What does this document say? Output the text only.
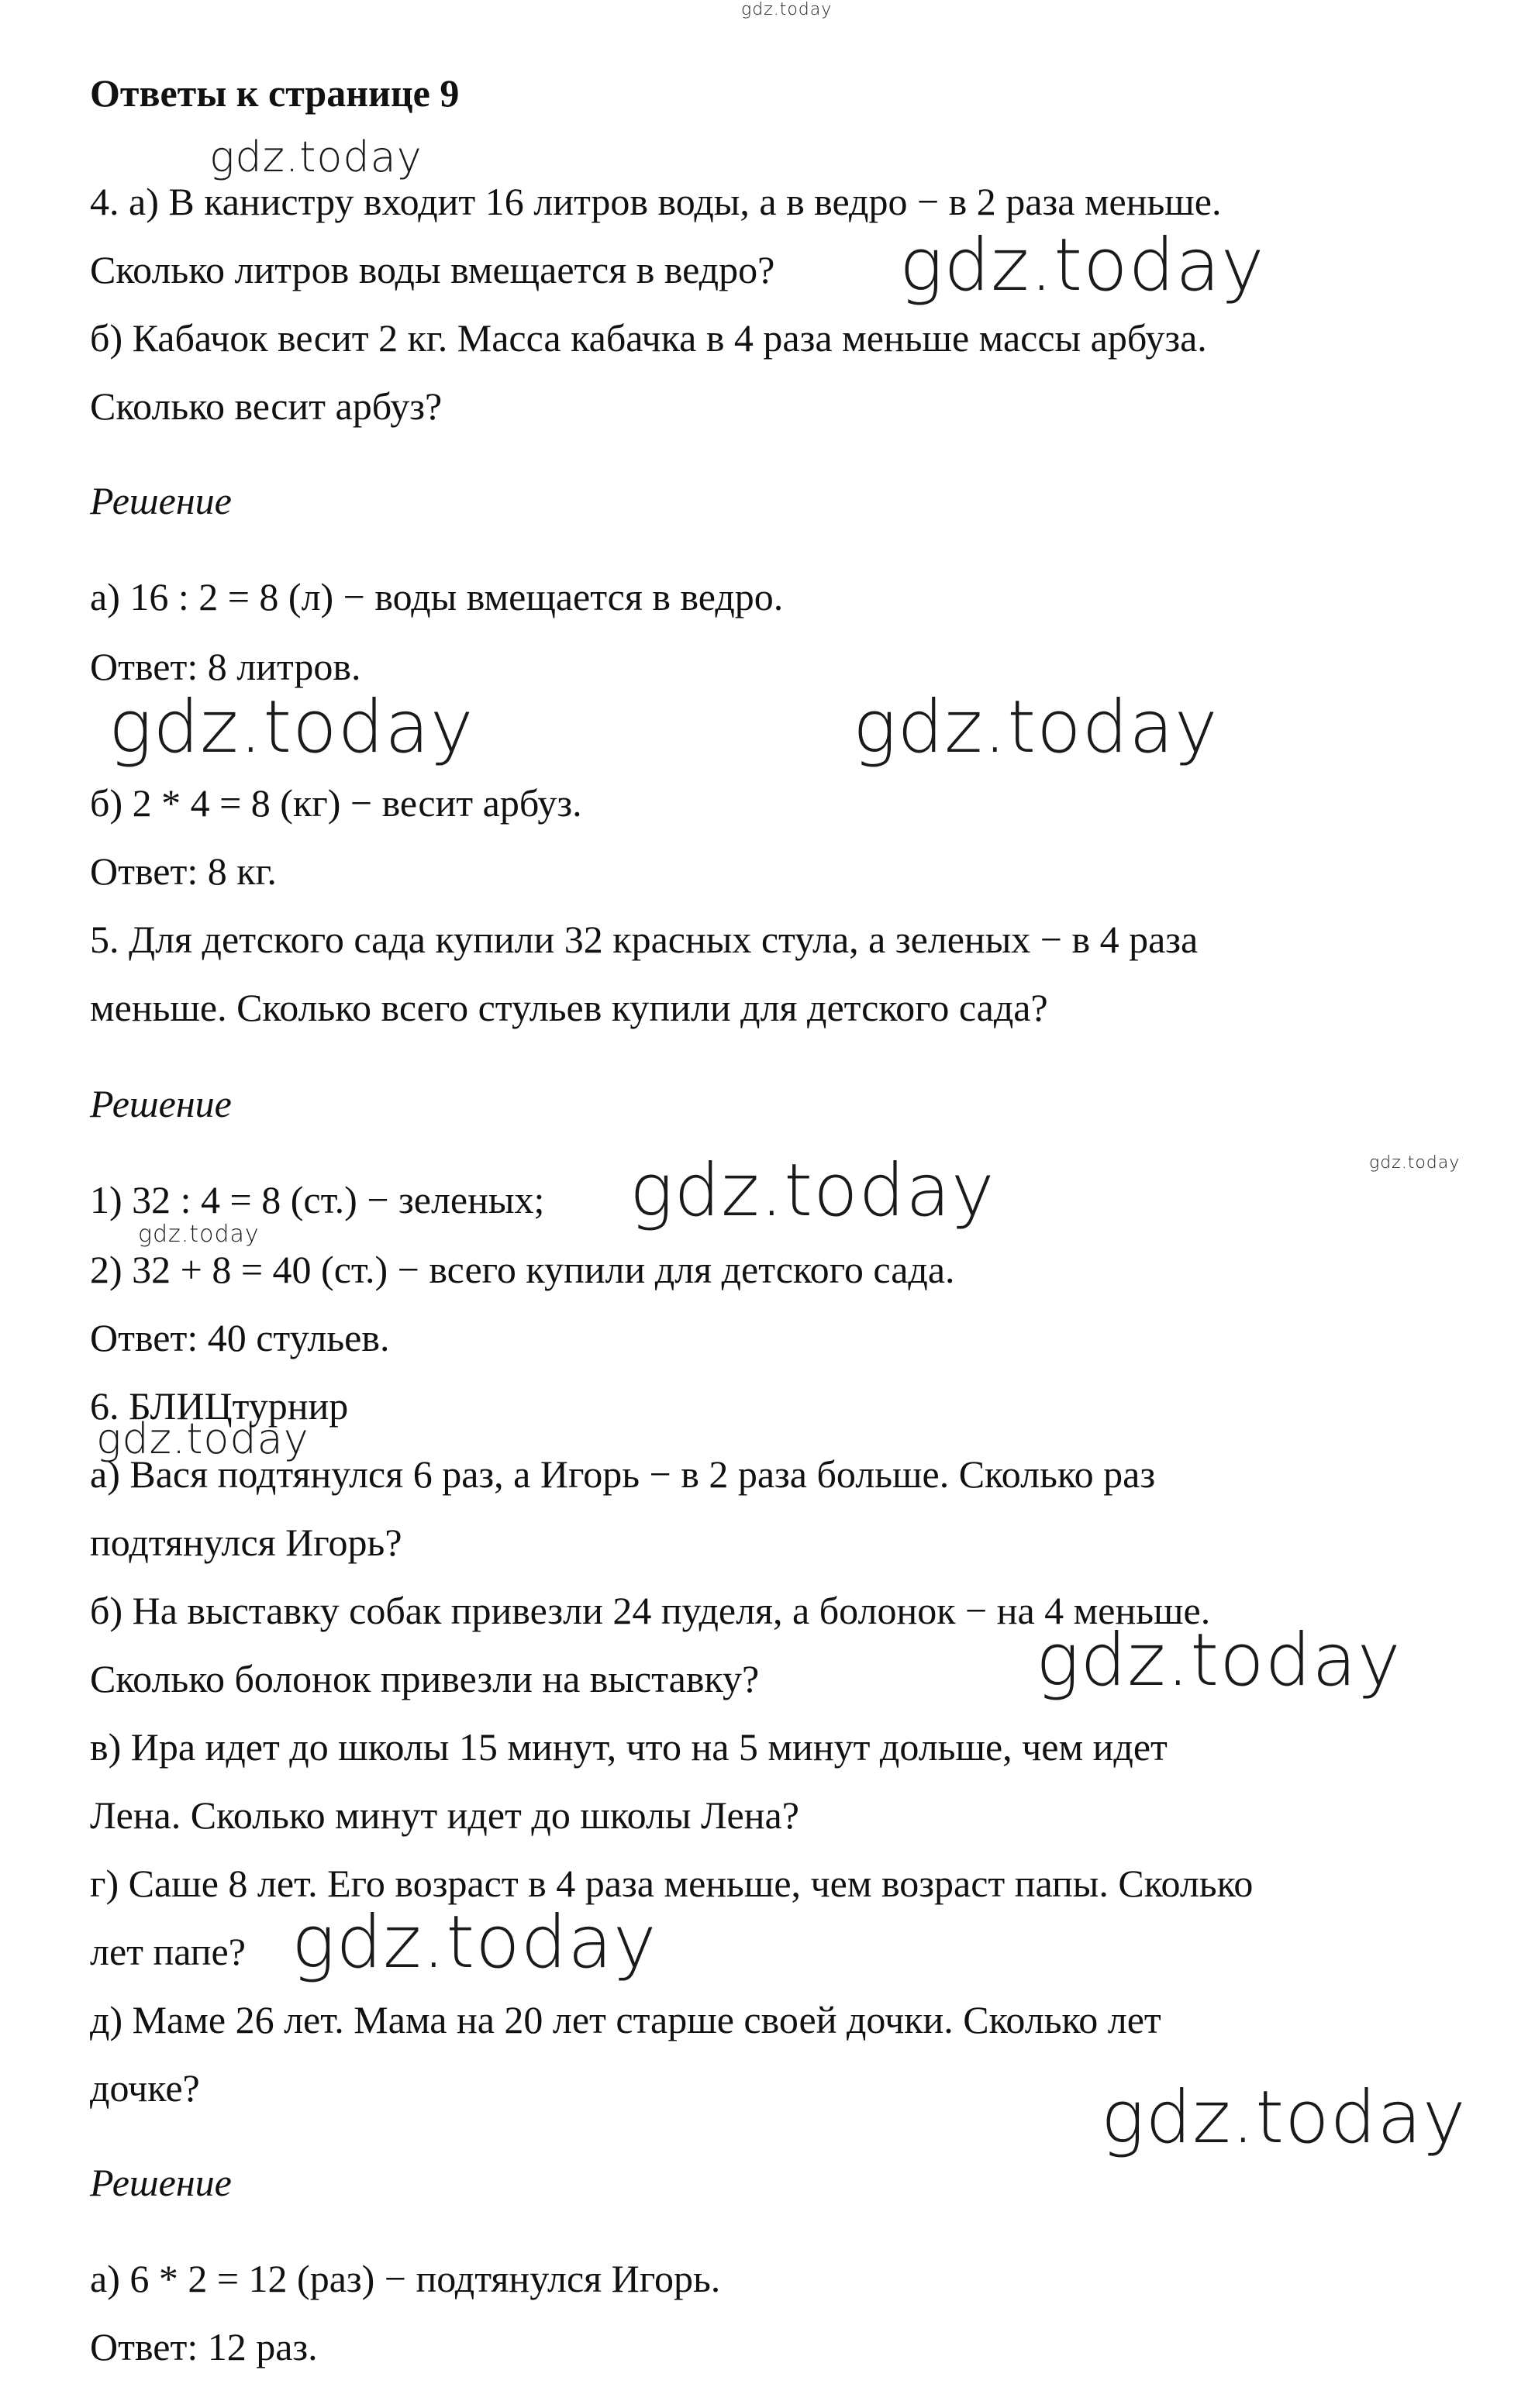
gdz.today
gdz.today
gdz.today
gdz.today	gdz.today
gdz.today	gdz.today
gdz.today
gdz.today
gdz.today
gdz.today
gdz.today

Ответы к странице 9

4. а) В канистру входит 16 литров воды, а в ведро − в 2 раза меньше.

Сколько литров воды вмещается в ведро?

б) Кабачок весит 2 кг. Масса кабачка в 4 раза меньше массы арбуза.

Сколько весит арбуз?

Решение

а) 16 : 2 = 8 (л) − воды вмещается в ведро.

Ответ: 8 литров.

б) 2 * 4 = 8 (кг) − весит арбуз.

Ответ: 8 кг.

5. Для детского сада купили 32 красных стула, а зеленых − в 4 раза

меньше. Сколько всего стульев купили для детского сада?

Решение

1) 32 : 4 = 8 (ст.) − зеленых;

2) 32 + 8 = 40 (ст.) − всего купили для детского сада.

Ответ: 40 стульев.

6. БЛИЦтурнир

а) Вася подтянулся 6 раз, а Игорь − в 2 раза больше. Сколько раз

подтянулся Игорь?

б) На выставку собак привезли 24 пуделя, а болонок − на 4 меньше.

Сколько болонок привезли на выставку?

в) Ира идет до школы 15 минут, что на 5 минут дольше, чем идет

Лена. Сколько минут идет до школы Лена?

г) Саше 8 лет. Его возраст в 4 раза меньше, чем возраст папы. Сколько

лет папе?

д) Маме 26 лет. Мама на 20 лет старше своей дочки. Сколько лет

дочке?

Решение

а) 6 * 2 = 12 (раз) − подтянулся Игорь.

Ответ: 12 раз.
